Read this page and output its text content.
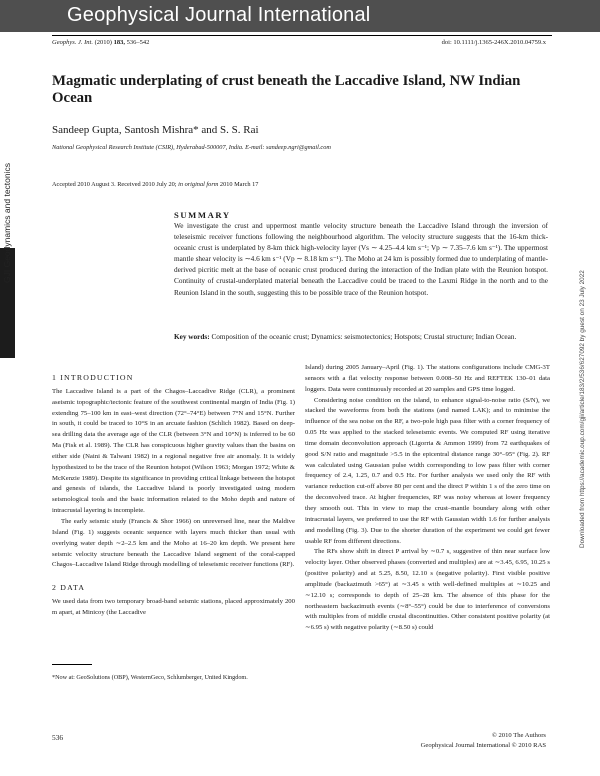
Geophysical Journal International
Geophys. J. Int. (2010) 183, 536–542	doi: 10.1111/j.1365-246X.2010.04759.x
Magmatic underplating of crust beneath the Laccadive Island, NW Indian Ocean
Sandeep Gupta, Santosh Mishra* and S. S. Rai
National Geophysical Research Institute (CSIR), Hyderabad-500007, India. E-mail: sandeep.ngri@gmail.com
Accepted 2010 August 3. Received 2010 July 20; in original form 2010 March 17
GJI Geodynamics and tectonics
Downloaded from https://academic.oup.com/gji/article/183/2/536/627092 by guest on 23 July 2022
SUMMARY

We investigate the crust and uppermost mantle velocity structure beneath the Laccadive Island through the inversion of teleseismic receiver functions following the neighbourhood algorithm. The velocity structure suggests that the 16-km thick-oceanic crust is underplated by 8-km thick high-velocity layer (Vs ∼ 4.25–4.4 km s⁻¹; Vp ∼ 7.35–7.6 km s⁻¹). The uppermost mantle shear velocity is ∼4.6 km s⁻¹ (Vp ∼ 8.18 km s⁻¹). The Moho at 24 km is possibly formed due to underplating of mantle-derived picritic melt at the base of oceanic crust produced during the interaction of the Indian plate with the Reunion hotspot. Continuity of crustal-underplated material beneath the Laccadive could be traced to the Laxmi Ridge in the north and to the Reunion Island in the south, suggesting this to be possible trace of the Reunion hotspot.

Key words: Composition of the oceanic crust; Dynamics: seismotectonics; Hotspots; Crustal structure; Indian Ocean.

1 INTRODUCTION

The Laccadive Island is a part of the Chagos–Laccadive Ridge (CLR), a prominent aseismic topographic/tectonic feature of the southwest continental margin of India (Fig. 1) extending 75–100 km in east–west direction (72°–74°E) between 7°N and 15°N. Further in south, it could be traced to 10°S in an arcuate fashion (Schlich 1982). Based on deep-sea drilling data the average age of the CLR (between 3°N and 10°N) is inferred to be 60 Ma (Fisk et al. 1989). The CLR has conspicuous higher gravity values than the basins on either side (Naini & Talwani 1982) in a regional negative free air anomaly. It is widely hypothesized to be the trace of the Reunion hotspot (Wilson 1963; Morgan 1972; White & McKenzie 1989). Despite its significance in providing critical linkage between the hotspot and genesis of islands, the Laccadive Island is poorly investigated using modern seismological tools and the basic information related to the Moho depth and nature of intracrustal layering is incomplete.

The early seismic study (Francis & Shor 1966) on unreversed line, near the Maldive Island (Fig. 1) suggests oceanic sequence with layers much thicker than usual with overlying water depth ∼2–2.5 km and the Moho at 16–20 km depth. We present here seismic velocity structure beneath the Laccadive Island segment of the coral-capped Chagos–Laccadive Island Ridge through modelling of teleseismic receiver functions (RF).

2 DATA

We used data from two temporary broad-band seismic stations, placed approximately 200 m apart, at Minicoy (the Laccadive

Island) during 2005 January–April (Fig. 1). The stations configurations include CMG-3T sensors with a flat velocity response between 0.008–50 Hz and REFTEK 130–01 data loggers. Data were continuously recorded at 20 samples and GPS time logged.

Considering noise condition on the island, to enhance signal-to-noise ratio (S/N), we stacked the waveforms from both the stations (and named LAK); and to minimise the influence of the sea noise on the RF, a two-pole high pass filter with a corner frequency of 0.05 Hz was applied to the stacked teleseismic events. We computed RF using iterative time domain deconvolution approach (Ligorria & Ammon 1999) from 72 earthquakes of good S/N ratio and magnitude >5.5 in the epicentral distance range 30°–95° (Fig. 2). RF was calculated using Gaussian pulse width corresponding to low pass filter with corner frequency of 2.4, 1.25, 0.7 and 0.5 Hz. For further analysis we used only the RF with variance reduction cut-off above 80 per cent and the direct P within 1 s of the zero time on the deconvolved trace. At higher frequencies, RF was noisy whereas at lower frequency they smooth out. This in view to map the crust–mantle boundary along with other intracrustal layers, we preferred to use the RF with Gaussian width 1.6 for further analysis and modelling (Fig. 3). Due to the shorter duration of the experiment we could get fewer usable RF from different directions.

The RFs show shift in direct P arrival by ∼0.7 s, suggestive of thin near surface low velocity layer. Other observed phases (converted and multiples) are at ∼3.45, 6.95, 10.25 s (positive polarity) and at 5.25, 8.50, 12.10 s (negative polarity). First visible positive amplitude (backazimuth >65°) at ∼3.45 s with well-defined multiples at ∼10.25 and ∼12.10 s; corresponds to depth of 25–28 km. The absence of this phase for the northeastern backazimuth events (∼8°–55°) could be due to interference of conversions with multiples from of middle crustal discontinuities. Other consistent positive polarity (at ∼6.95 s) with negative polarity (∼8.50 s) could

*Now at: GeoSolutions (OBP), WesternGeco, Schlumberger, United Kingdom.
536	© 2010 The Authors
Geophysical Journal International © 2010 RAS
